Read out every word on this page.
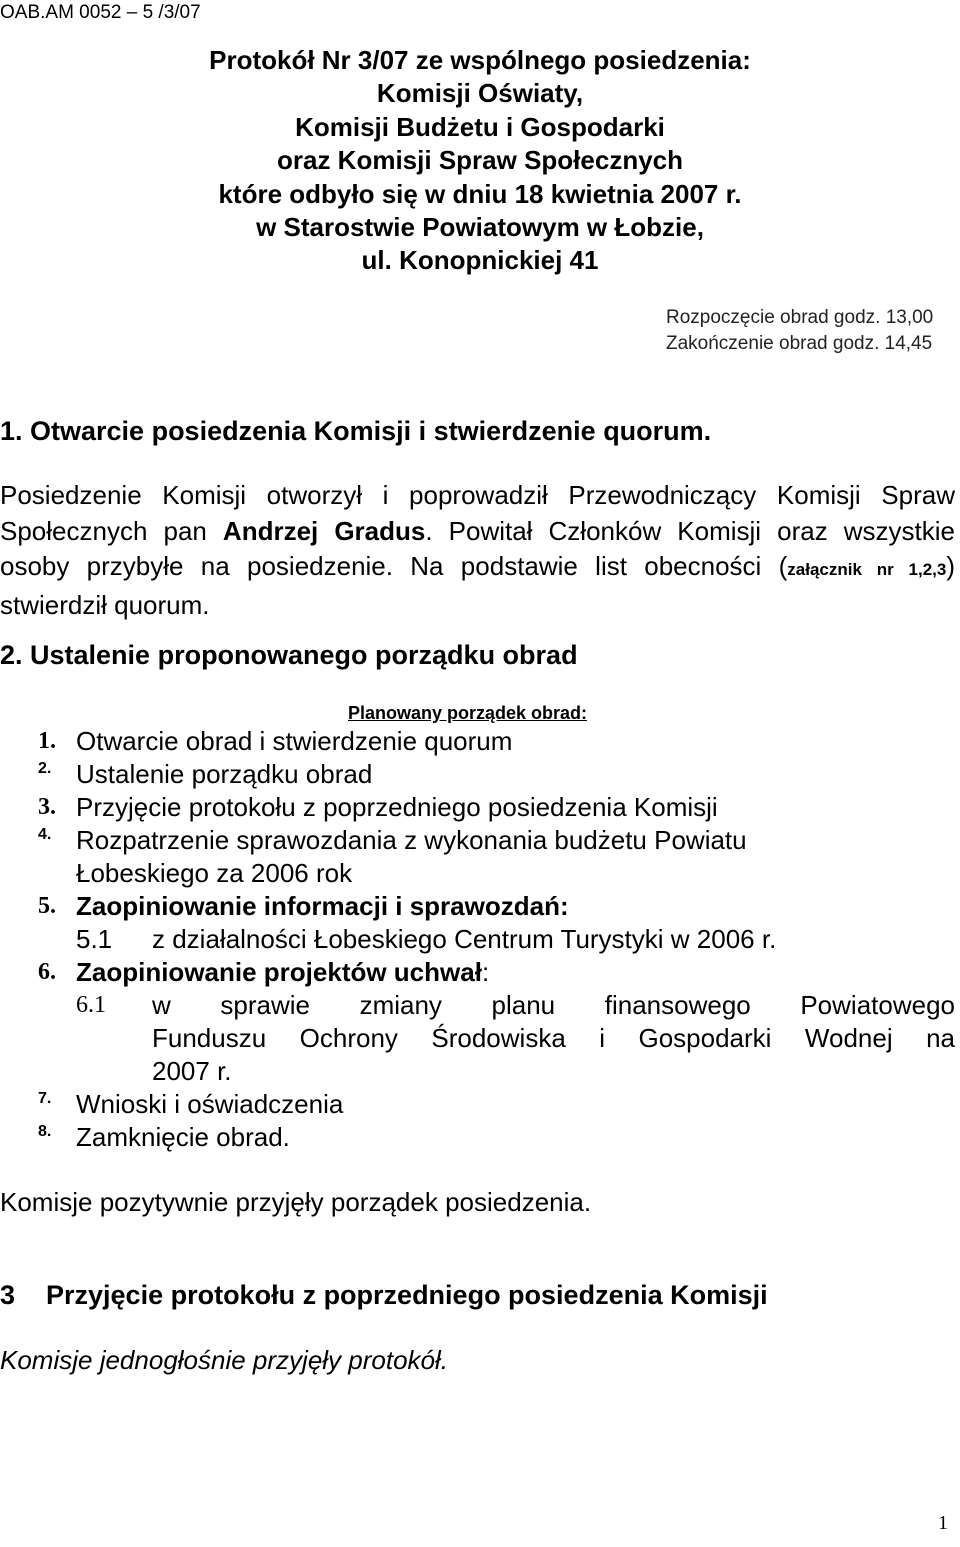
OAB.AM 0052 – 5 /3/07
Protokół Nr 3/07 ze wspólnego posiedzenia:
Komisji Oświaty,
Komisji Budżetu i Gospodarki
oraz Komisji Spraw Społecznych
które odbyło się w dniu 18 kwietnia 2007 r.
w Starostwie Powiatowym w Łobzie,
ul. Konopnickiej 41
Rozpoczęcie obrad godz. 13,00
Zakończenie obrad godz. 14,45
1. Otwarcie posiedzenia Komisji i stwierdzenie quorum.
Posiedzenie Komisji otworzył i poprowadził Przewodniczący Komisji Spraw Społecznych pan Andrzej Gradus. Powitał Członków Komisji oraz wszystkie osoby przybyłe na posiedzenie. Na podstawie list obecności (załącznik nr 1,2,3) stwierdził quorum.
2. Ustalenie proponowanego porządku obrad
Planowany porządek obrad:
1. Otwarcie obrad i stwierdzenie quorum
2. Ustalenie porządku obrad
3. Przyjęcie protokołu z poprzedniego posiedzenia Komisji
4. Rozpatrzenie sprawozdania z wykonania budżetu Powiatu
Łobeskiego za 2006 rok
5. Zaopiniowanie informacji i sprawozdań:
5.1 z działalności Łobeskiego Centrum Turystyki w 2006 r.
6. Zaopiniowanie projektów uchwał:
6.1 w sprawie zmiany planu finansowego Powiatowego
Funduszu Ochrony Środowiska i Gospodarki Wodnej na
2007 r.
7. Wnioski i oświadczenia
8. Zamknięcie obrad.
Komisje pozytywnie przyjęły porządek posiedzenia.
3 Przyjęcie protokołu z poprzedniego posiedzenia Komisji
Komisje jednogłośnie przyjęły protokół.
1
